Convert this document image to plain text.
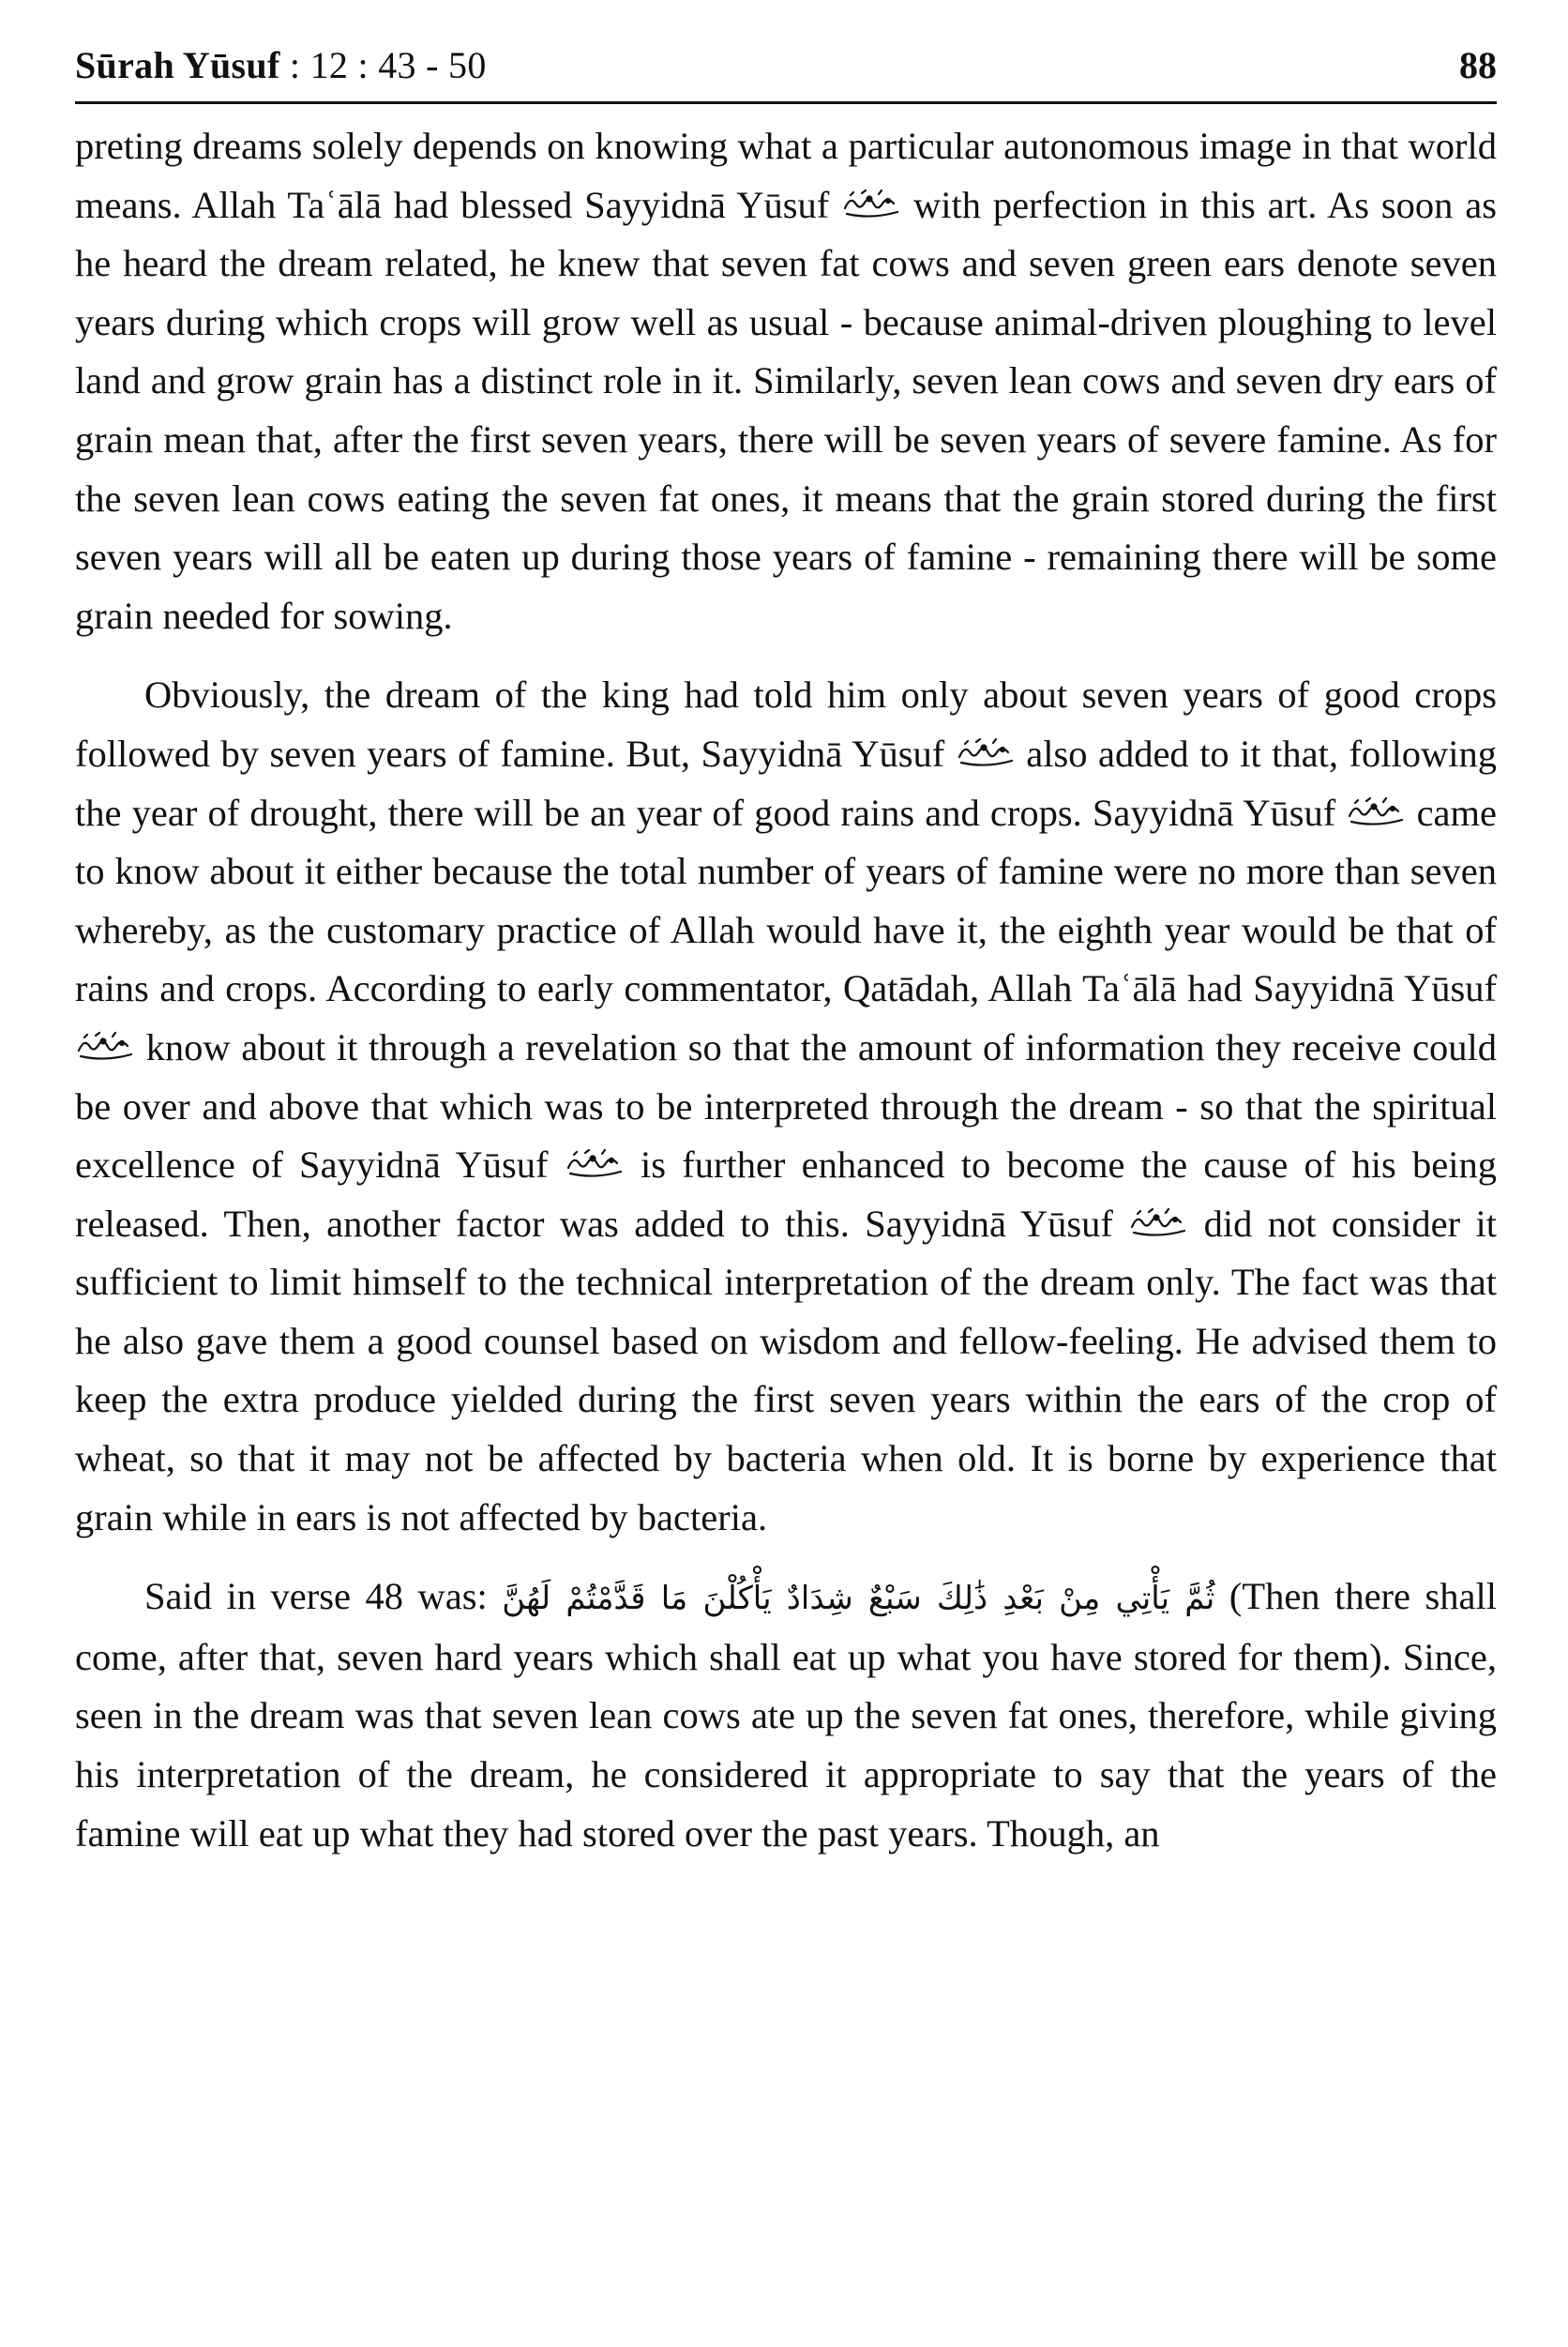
Sūrah Yūsuf : 12 : 43 - 50	88

preting dreams solely depends on knowing what a particular autonomous image in that world means. Allah Taʿālā had blessed Sayyidnā Yūsuf with perfection in this art. As soon as he heard the dream related, he knew that seven fat cows and seven green ears denote seven years during which crops will grow well as usual - because animal-driven ploughing to level land and grow grain has a distinct role in it. Similarly, seven lean cows and seven dry ears of grain mean that, after the first seven years, there will be seven years of severe famine. As for the seven lean cows eating the seven fat ones, it means that the grain stored during the first seven years will all be eaten up during those years of famine - remaining there will be some grain needed for sowing.

Obviously, the dream of the king had told him only about seven years of good crops followed by seven years of famine. But, Sayyidnā Yūsuf also added to it that, following the year of drought, there will be an year of good rains and crops. Sayyidnā Yūsuf came to know about it either because the total number of years of famine were no more than seven whereby, as the customary practice of Allah would have it, the eighth year would be that of rains and crops. According to early commentator, Qatādah, Allah Taʿālā had Sayyidnā Yūsuf  know about it through a revelation so that the amount of information they receive could be over and above that which was to be interpreted through the dream - so that the spiritual excellence of Sayyidnā Yūsuf is further enhanced to become the cause of his being released. Then, another factor was added to this. Sayyidnā Yūsuf did not consider it sufficient to limit himself to the technical interpretation of the dream only. The fact was that he also gave them a good counsel based on wisdom and fellow-feeling. He advised them to keep the extra produce yielded during the first seven years within the ears of the crop of wheat, so that it may not be affected by bacteria when old. It is borne by experience that grain while in ears is not affected by bacteria.

Said in verse 48 was: ثُمَّ يَأْتِي مِنْ بَعْدِ ذَٰلِكَ سَبْعٌ شِدَادٌ يَأْكُلْنَ مَا قَدَّمْتُمْ لَهُنَّ (Then there shall come, after that, seven hard years which shall eat up what you have stored for them). Since, seen in the dream was that seven lean cows ate up the seven fat ones, therefore, while giving his interpretation of the dream, he considered it appropriate to say that the years of the famine will eat up what they had stored over the past years. Though, an
